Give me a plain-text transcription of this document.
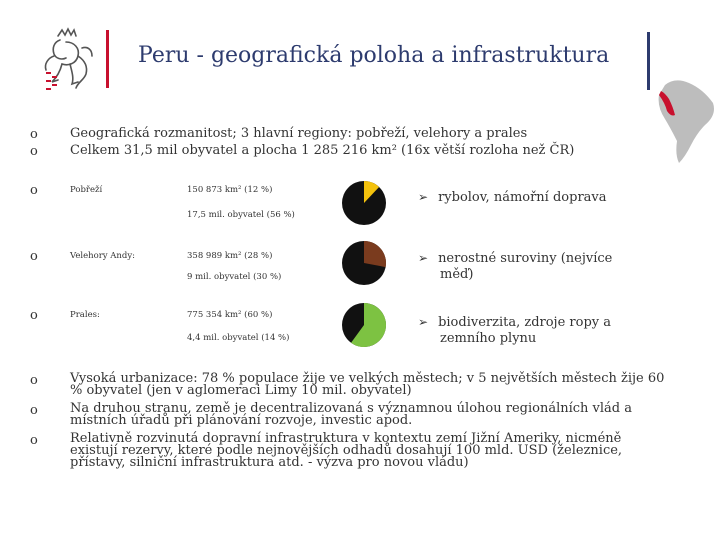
Peru - geografická poloha a infrastruktura
o Geografická rozmanitost; 3 hlavní regiony: pobřeží, velehory a prales
o Celkem 31,5 mil obyvatel a plocha 1 285 216 km² (16x větší rozloha než ČR)
o	Pobřeží	150 873 km² (12 %)
17,5 mil. obyvatel (56 %)
➢ rybolov, námořní doprava
o	Velehory Andy:	358 989 km² (28 %)
9 mil. obyvatel (30 %)
➢ nerostné suroviny (nejvíce měď)
o	Prales:	775 354 km² (60 %)
4,4 mil. obyvatel (14 %)
➢ biodiverzita, zdroje ropy a zemního plynu
o Vysoká urbanizace: 78 % populace žije ve velkých městech; v 5 největších městech žije 60 % obyvatel (jen v aglomeraci Limy 10 mil. obyvatel)
o Na druhou stranu, země je decentralizovaná s významnou úlohou regionálních vlád a místních úřadů při plánování rozvoje, investic apod.
o Relativně rozvinutá dopravní infrastruktura v kontextu zemí Jižní Ameriky, nicméně existují rezervy, které podle nejnovějších odhadů dosahují 100 mld. USD (železnice, přístavy, silniční infrastruktura atd. - výzva pro novou vládu)
